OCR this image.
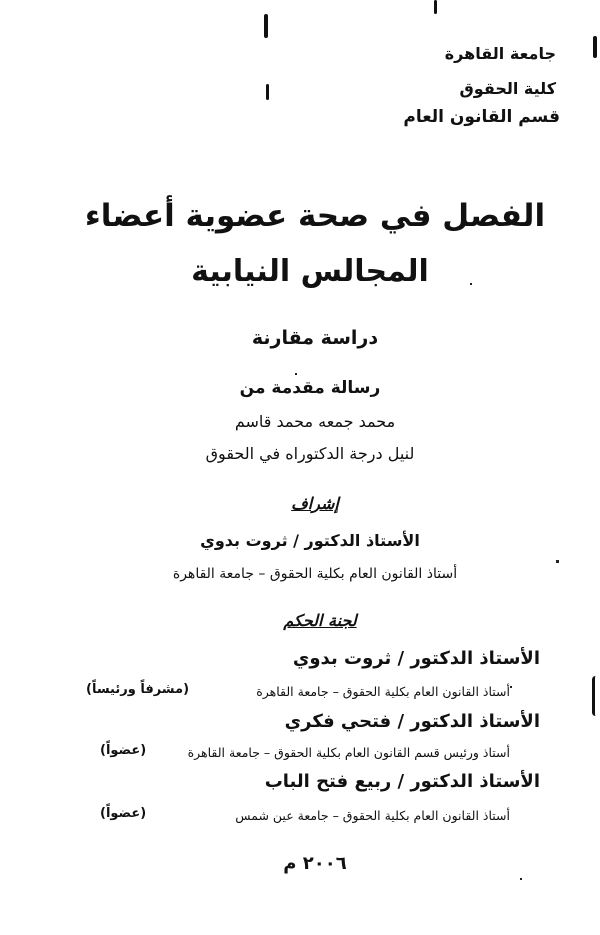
جامعة القاهرة
كلية الحقوق
قسم القانون العام
الفصل في صحة عضوية أعضاء
المجالس النيابية
دراسة مقارنة
رسالة مقدمة من
محمد جمعه محمد قاسم
لنيل درجة الدكتوراه في الحقوق
إشراف
الأستاذ الدكتور / ثروت بدوي
أستاذ القانون العام بكلية الحقوق – جامعة القاهرة
لجنة الحكم
الأستاذ الدكتور / ثروت بدوي
أستاذ القانون العام بكلية الحقوق – جامعة القاهرة
(مشرفاً ورئيساً)
الأستاذ الدكتور / فتحي فكري
أستاذ ورئيس قسم القانون العام بكلية الحقوق – جامعة القاهرة
(عضواً)
الأستاذ الدكتور / ربيع فتح الباب
أستاذ القانون العام بكلية الحقوق – جامعة عين شمس
(عضواً)
٢٠٠٦ م
